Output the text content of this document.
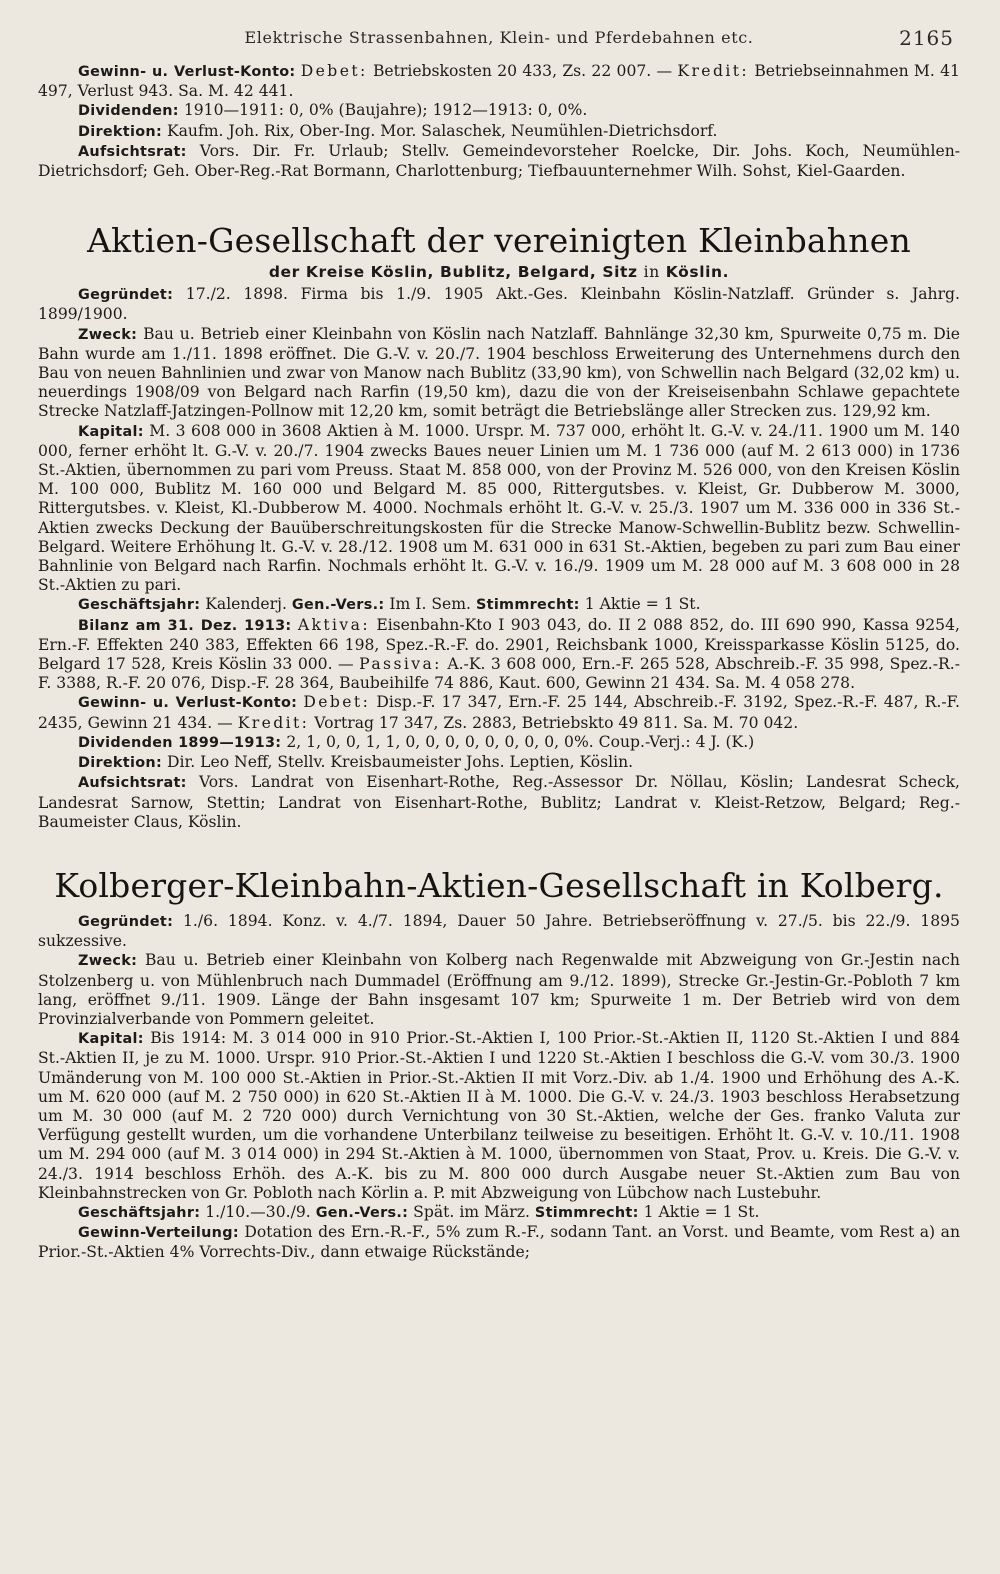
Elektrische Strassenbahnen, Klein- und Pferdebahnen etc.	2165

Gewinn- u. Verlust-Konto: Debet: Betriebskosten 20 433, Zs. 22 007. — Kredit: Betriebseinnahmen M. 41 497, Verlust 943. Sa. M. 42 441.

Dividenden: 1910—1911: 0, 0% (Baujahre); 1912—1913: 0, 0%.

Direktion: Kaufm. Joh. Rix, Ober-Ing. Mor. Salaschek, Neumühlen-Dietrichsdorf.

Aufsichtsrat: Vors. Dir. Fr. Urlaub; Stellv. Gemeindevorsteher Roelcke, Dir. Johs. Koch, Neumühlen-Dietrichsdorf; Geh. Ober-Reg.-Rat Bormann, Charlottenburg; Tiefbauunternehmer Wilh. Sohst, Kiel-Gaarden.

Aktien-Gesellschaft der vereinigten Kleinbahnen
der Kreise Köslin, Bublitz, Belgard, Sitz in Köslin.

Gegründet: 17./2. 1898. Firma bis 1./9. 1905 Akt.-Ges. Kleinbahn Köslin-Natzlaff. Gründer s. Jahrg. 1899/1900.

Zweck: Bau u. Betrieb einer Kleinbahn von Köslin nach Natzlaff. Bahnlänge 32,30 km, Spurweite 0,75 m. Die Bahn wurde am 1./11. 1898 eröffnet. Die G.-V. v. 20./7. 1904 beschloss Erweiterung des Unternehmens durch den Bau von neuen Bahnlinien und zwar von Manow nach Bublitz (33,90 km), von Schwellin nach Belgard (32,02 km) u. neuerdings 1908/09 von Belgard nach Rarfin (19,50 km), dazu die von der Kreiseisenbahn Schlawe gepachtete Strecke Natzlaff-Jatzingen-Pollnow mit 12,20 km, somit beträgt die Betriebslänge aller Strecken zus. 129,92 km.

Kapital: M. 3 608 000 in 3608 Aktien à M. 1000. Urspr. M. 737 000, erhöht lt. G.-V. v. 24./11. 1900 um M. 140 000, ferner erhöht lt. G.-V. v. 20./7. 1904 zwecks Baues neuer Linien um M. 1 736 000 (auf M. 2 613 000) in 1736 St.-Aktien, übernommen zu pari vom Preuss. Staat M. 858 000, von der Provinz M. 526 000, von den Kreisen Köslin M. 100 000, Bublitz M. 160 000 und Belgard M. 85 000, Rittergutsbes. v. Kleist, Gr. Dubberow M. 3000, Rittergutsbes. v. Kleist, Kl.-Dubberow M. 4000. Nochmals erhöht lt. G.-V. v. 25./3. 1907 um M. 336 000 in 336 St.-Aktien zwecks Deckung der Bauüberschreitungskosten für die Strecke Manow-Schwellin-Bublitz bezw. Schwellin-Belgard. Weitere Erhöhung lt. G.-V. v. 28./12. 1908 um M. 631 000 in 631 St.-Aktien, begeben zu pari zum Bau einer Bahnlinie von Belgard nach Rarfin. Nochmals erhöht lt. G.-V. v. 16./9. 1909 um M. 28 000 auf M. 3 608 000 in 28 St.-Aktien zu pari.

Geschäftsjahr: Kalenderj. Gen.-Vers.: Im I. Sem. Stimmrecht: 1 Aktie = 1 St.

Bilanz am 31. Dez. 1913: Aktiva: Eisenbahn-Kto I 903 043, do. II 2 088 852, do. III 690 990, Kassa 9254, Ern.-F. Effekten 240 383, Effekten 66 198, Spez.-R.-F. do. 2901, Reichsbank 1000, Kreissparkasse Köslin 5125, do. Belgard 17 528, Kreis Köslin 33 000. — Passiva: A.-K. 3 608 000, Ern.-F. 265 528, Abschreib.-F. 35 998, Spez.-R.-F. 3388, R.-F. 20 076, Disp.-F. 28 364, Baubeihilfe 74 886, Kaut. 600, Gewinn 21 434. Sa. M. 4 058 278.

Gewinn- u. Verlust-Konto: Debet: Disp.-F. 17 347, Ern.-F. 25 144, Abschreib.-F. 3192, Spez.-R.-F. 487, R.-F. 2435, Gewinn 21 434. — Kredit: Vortrag 17 347, Zs. 2883, Betriebskto 49 811. Sa. M. 70 042.

Dividenden 1899—1913: 2, 1, 0, 0, 1, 1, 0, 0, 0, 0, 0, 0, 0, 0, 0%. Coup.-Verj.: 4 J. (K.)

Direktion: Dir. Leo Neff, Stellv. Kreisbaumeister Johs. Leptien, Köslin.

Aufsichtsrat: Vors. Landrat von Eisenhart-Rothe, Reg.-Assessor Dr. Nöllau, Köslin; Landesrat Scheck, Landesrat Sarnow, Stettin; Landrat von Eisenhart-Rothe, Bublitz; Landrat v. Kleist-Retzow, Belgard; Reg.-Baumeister Claus, Köslin.

Kolberger-Kleinbahn-Aktien-Gesellschaft in Kolberg.

Gegründet: 1./6. 1894. Konz. v. 4./7. 1894, Dauer 50 Jahre. Betriebseröffnung v. 27./5. bis 22./9. 1895 sukzessive.

Zweck: Bau u. Betrieb einer Kleinbahn von Kolberg nach Regenwalde mit Abzweigung von Gr.-Jestin nach Stolzenberg u. von Mühlenbruch nach Dummadel (Eröffnung am 9./12. 1899), Strecke Gr.-Jestin-Gr.-Pobloth 7 km lang, eröffnet 9./11. 1909. Länge der Bahn insgesamt 107 km; Spurweite 1 m. Der Betrieb wird von dem Provinzialverbande von Pommern geleitet.

Kapital: Bis 1914: M. 3 014 000 in 910 Prior.-St.-Aktien I, 100 Prior.-St.-Aktien II, 1120 St.-Aktien I und 884 St.-Aktien II, je zu M. 1000. Urspr. 910 Prior.-St.-Aktien I und 1220 St.-Aktien I beschloss die G.-V. vom 30./3. 1900 Umänderung von M. 100 000 St.-Aktien in Prior.-St.-Aktien II mit Vorz.-Div. ab 1./4. 1900 und Erhöhung des A.-K. um M. 620 000 (auf M. 2 750 000) in 620 St.-Aktien II à M. 1000. Die G.-V. v. 24./3. 1903 beschloss Herabsetzung um M. 30 000 (auf M. 2 720 000) durch Vernichtung von 30 St.-Aktien, welche der Ges. franko Valuta zur Verfügung gestellt wurden, um die vorhandene Unterbilanz teilweise zu beseitigen. Erhöht lt. G.-V. v. 10./11. 1908 um M. 294 000 (auf M. 3 014 000) in 294 St.-Aktien à M. 1000, übernommen von Staat, Prov. u. Kreis. Die G.-V. v. 24./3. 1914 beschloss Erhöh. des A.-K. bis zu M. 800 000 durch Ausgabe neuer St.-Aktien zum Bau von Kleinbahnstrecken von Gr. Pobloth nach Körlin a. P. mit Abzweigung von Lübchow nach Lustebuhr.

Geschäftsjahr: 1./10.—30./9. Gen.-Vers.: Spät. im März. Stimmrecht: 1 Aktie = 1 St.

Gewinn-Verteilung: Dotation des Ern.-R.-F., 5% zum R.-F., sodann Tant. an Vorst. und Beamte, vom Rest a) an Prior.-St.-Aktien 4% Vorrechts-Div., dann etwaige Rückstände;
